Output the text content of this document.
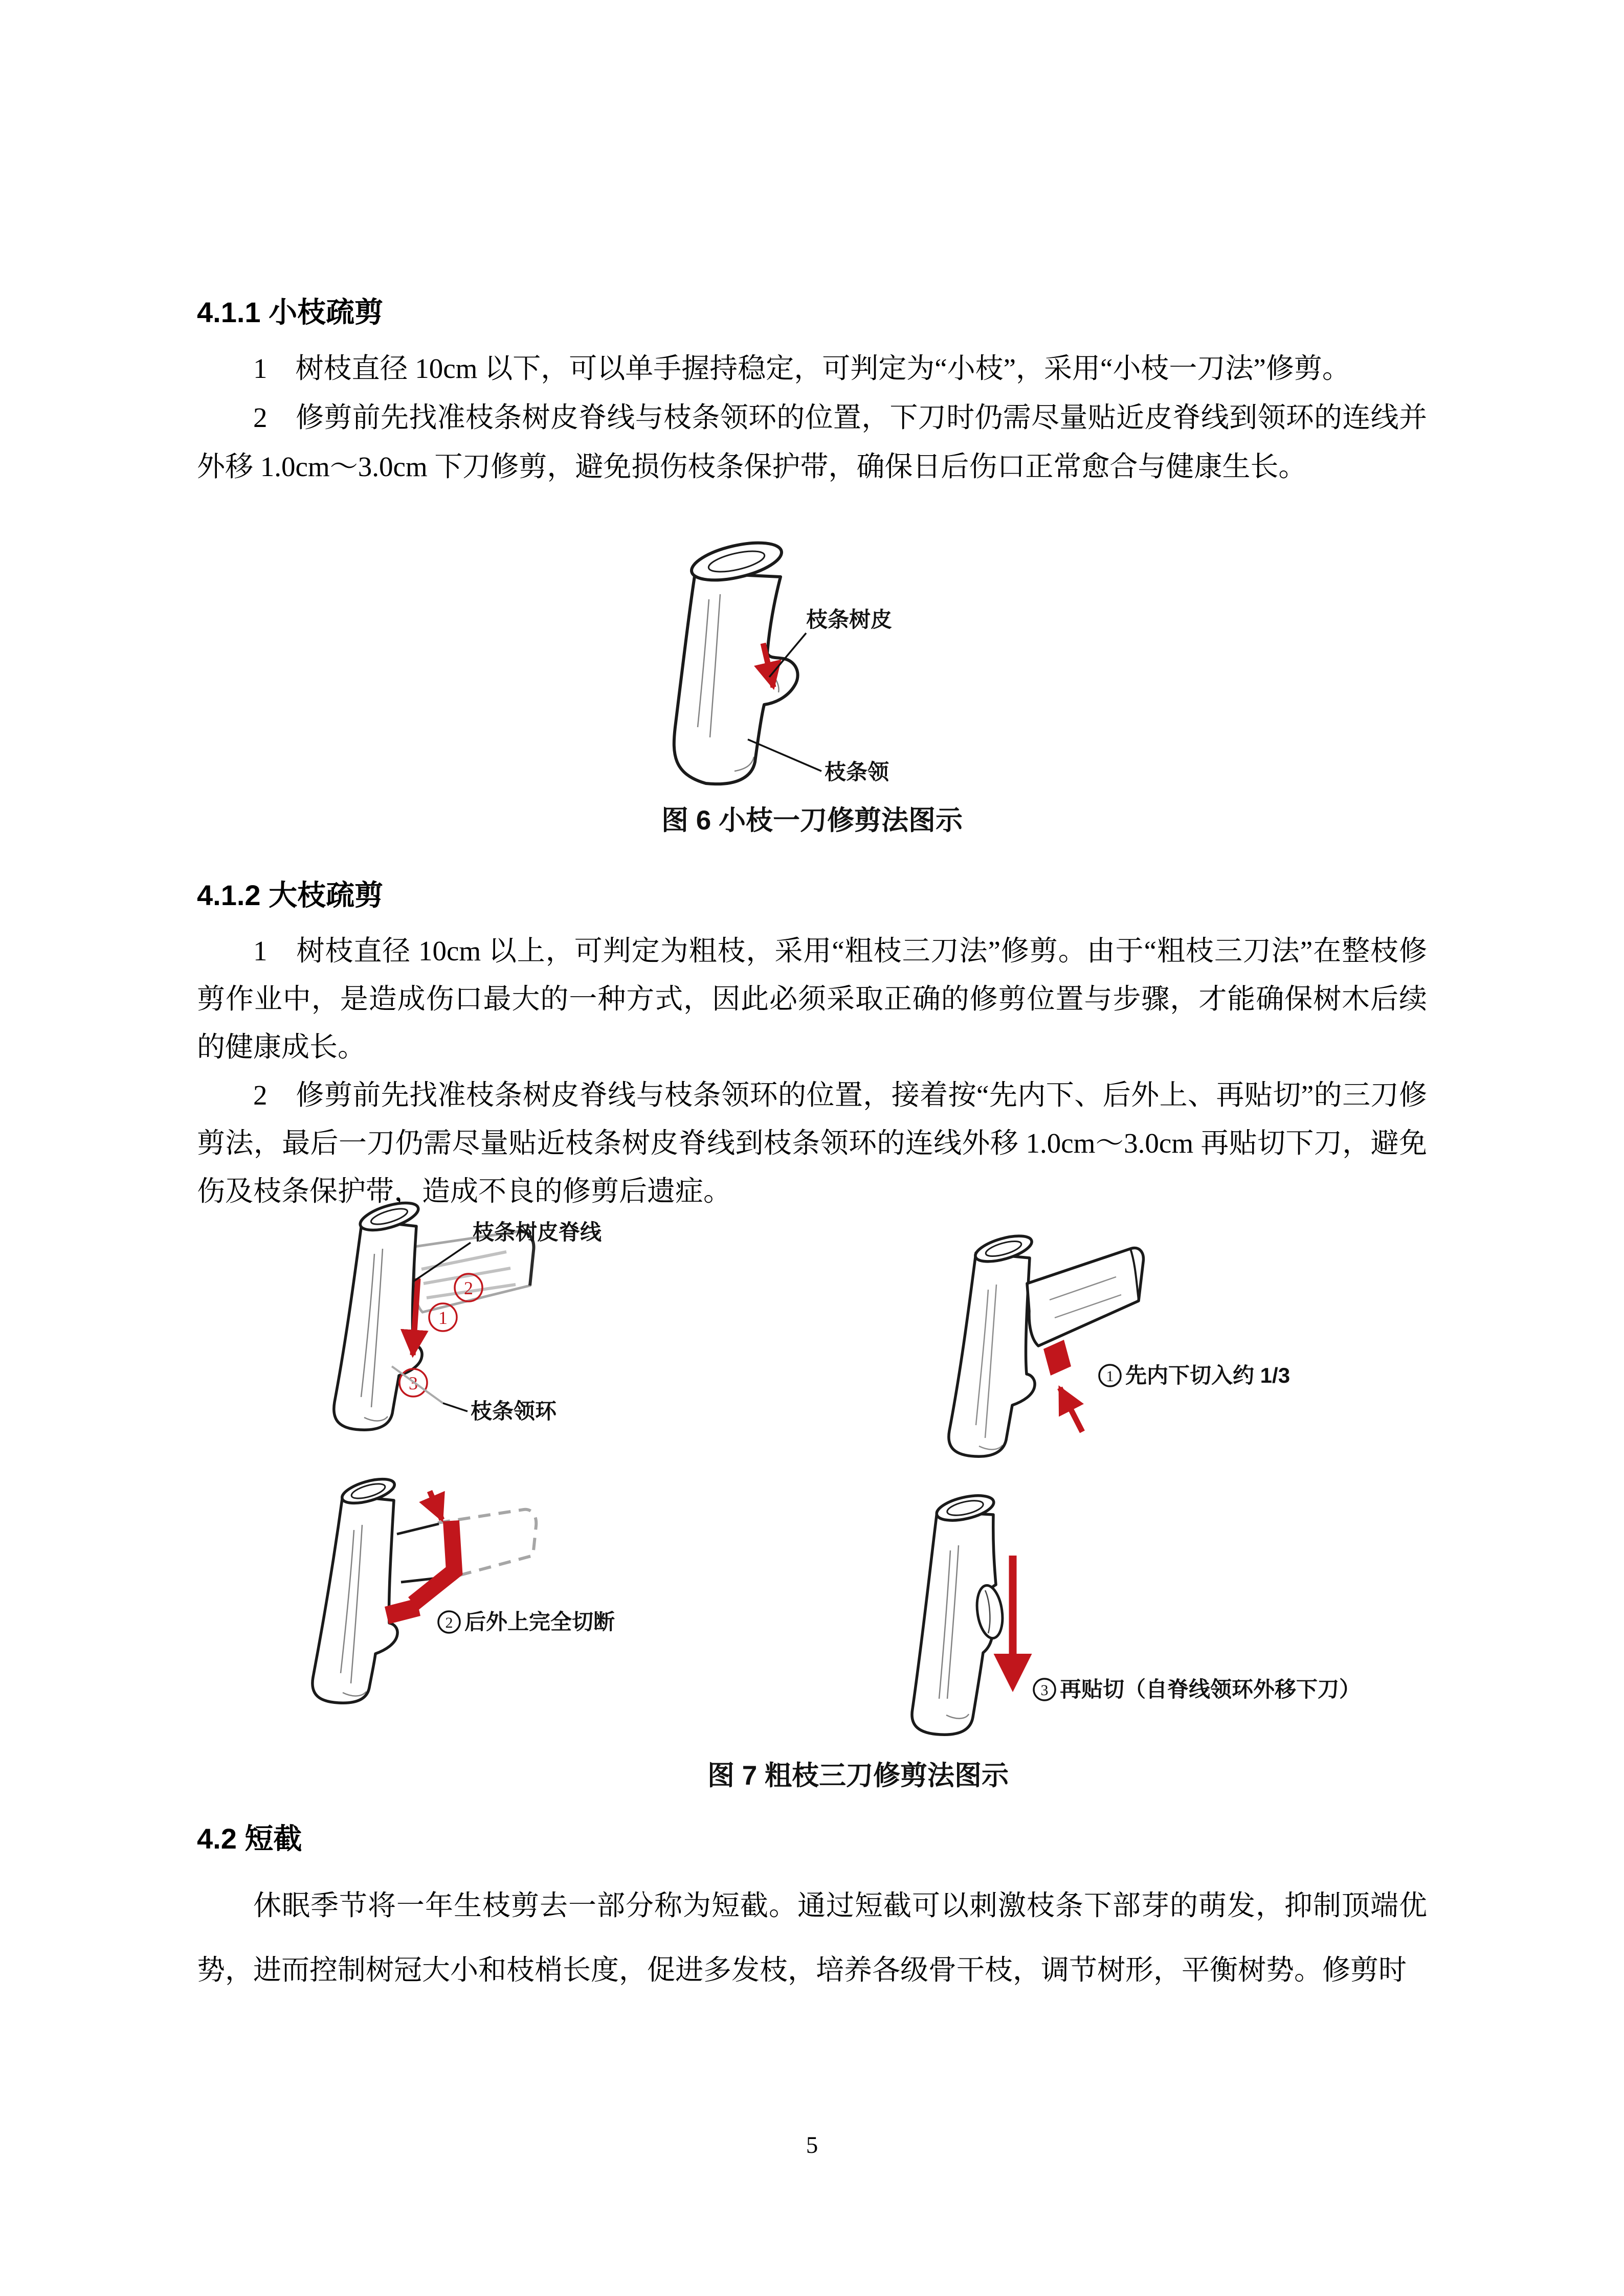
4.1.1 小枝疏剪

1　树枝直径 10cm 以下，可以单手握持稳定，可判定为“小枝”，采用“小枝一刀法”修剪。

2　修剪前先找准枝条树皮脊线与枝条领环的位置，下刀时仍需尽量贴近皮脊线到领环的连线并外移 1.0cm～3.0cm 下刀修剪，避免损伤枝条保护带，确保日后伤口正常愈合与健康生长。

枝条树皮
枝条领
图 6 小枝一刀修剪法图示
4.1.2 大枝疏剪

1　树枝直径 10cm 以上，可判定为粗枝，采用“粗枝三刀法”修剪。由于“粗枝三刀法”在整枝修剪作业中，是造成伤口最大的一种方式，因此必须采取正确的修剪位置与步骤，才能确保树木后续的健康成长。

2　修剪前先找准枝条树皮脊线与枝条领环的位置，接着按“先内下、后外上、再贴切”的三刀修剪法，最后一刀仍需尽量贴近枝条树皮脊线到枝条领环的连线外移 1.0cm～3.0cm 再贴切下刀，避免伤及枝条保护带，造成不良的修剪后遗症。

2
1
3
枝条树皮脊线
枝条领环
1 先内下切入约 1/3
2 后外上完全切断
3 再贴切（自脊线领环外移下刀）
图 7 粗枝三刀修剪法图示
4.2 短截

休眠季节将一年生枝剪去一部分称为短截。通过短截可以刺激枝条下部芽的萌发，抑制顶端优势，进而控制树冠大小和枝梢长度，促进多发枝，培养各级骨干枝，调节树形，平衡树势。修剪时

5
